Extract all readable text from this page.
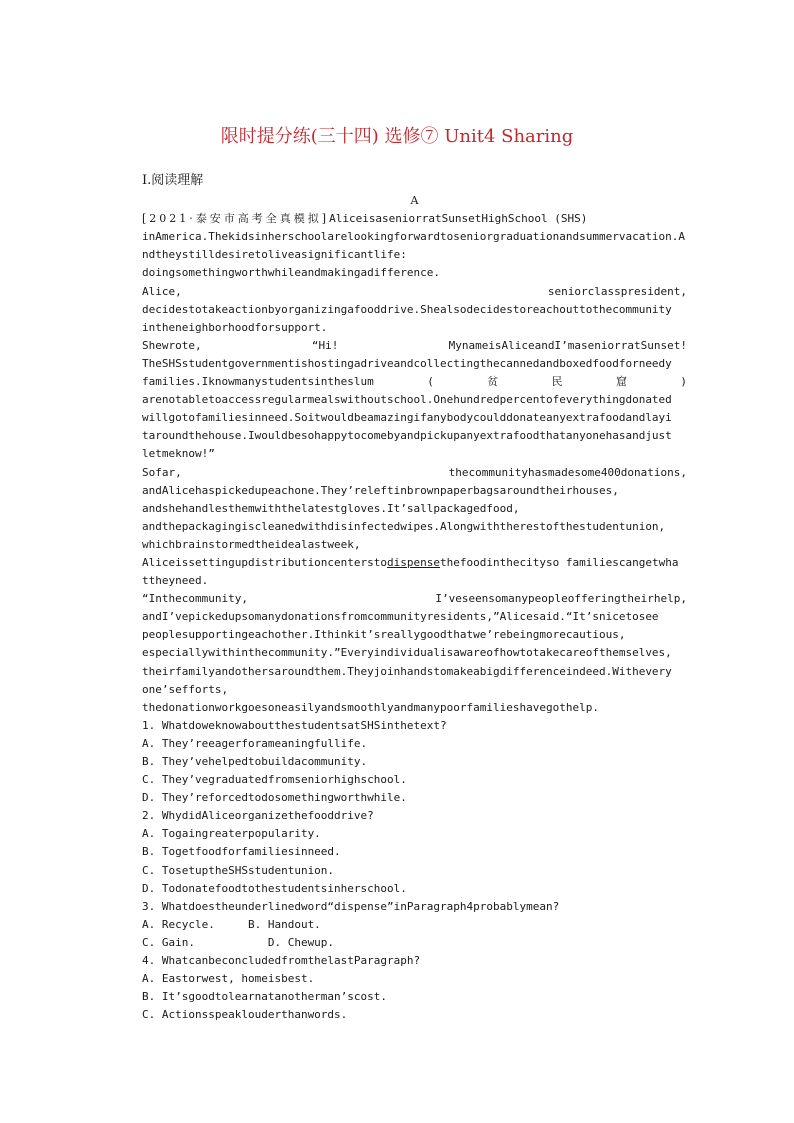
限时提分练(三十四) 选修⑦ Unit4 Sharing
Ⅰ.阅读理解
A
[2021·泰安市高考全真模拟]AliceisaseniorratSunsetHighSchool (SHS)
inAmerica.Thekidsinherschoolarelookingforwardtoseniorgraduationandsummervacation.A
ndtheystilldesiretoliveasignificantlife:
doingsomethingworthwhileandmakingadifference.
Alice,	seniorclasspresident,
decidestotakeactionbyorganizingafooddrive.Shealsodecidestoreachouttothecommunity
intheneighborhoodforsupport.
Shewrote,	“Hi!	MynameisAliceandI’maseniorratSunset!
TheSHSstudentgovernmentishostingadriveandcollectingthecannedandboxedfoodforneedy
families.Iknowmanystudentsintheslum	(	贫	民	窟	)
arenotabletoaccessregularmealswithoutschool.Onehundredpercentofeverythingdonated
willgotofamiliesinneed.Soitwouldbeamazingifanybodycoulddonateanyextrafoodandlayi
taroundthehouse.Iwouldbesohappytocomebyandpickupanyextrafoodthatanyonehasandjust
letmeknow!”
Sofar,	thecommunityhasmadesome400donations,
andAlicehaspickedupeachone.They’releftinbrownpaperbagsaroundtheirhouses,
andshehandlesthemwiththelatestgloves.It’sallpackagedfood,
andthepackagingiscleanedwithdisinfectedwipes.Alongwiththerestofthestudentunion,
whichbrainstormedtheidealastweek,
Aliceissettingupdistributioncenterstodispensethefoodinthecityso familiescangetwha
ttheyneed.
“Inthecommunity,	I’veseensomanypeopleofferingtheirhelp,
andI’vepickedupsomanydonationsfromcommunityresidents,”Alicesaid.“It’snicetosee
peoplesupportingeachother.Ithinkit’sreallygoodthatwe’rebeingmorecautious,
especiallywithinthecommunity.”Everyindividualisawareofhowtotakecareofthemselves,
theirfamilyandothersaroundthem.Theyjoinhandstomakeabigdifferenceindeed.Withevery
one’sefforts,
thedonationworkgoesoneasilyandsmoothlyandmanypoorfamilieshavegothelp.
1. WhatdoweknowaboutthestudentsatSHSinthetext?
A. They’reeagerforameaningfullife.
B. They’vehelpedtobuildacommunity.
C. They’vegraduatedfromseniorhighschool.
D. They’reforcedtodosomethingworthwhile.
2. WhydidAliceorganizethefooddrive?
A. Togaingreaterpopularity.
B. Togetfoodforfamiliesinneed.
C. TosetuptheSHSstudentunion.
D. Todonatefoodtothestudentsinherschool.
3. Whatdoestheunderlinedword“dispense”inParagraph4probablymean?
A. Recycle.     B. Handout.
C. Gain.           D. Chewup.
4. WhatcanbeconcludedfromthelastParagraph?
A. Eastorwest, homeisbest.
B. It’sgoodtolearnatanotherman’scost.
C. Actionsspeaklouderthanwords.
